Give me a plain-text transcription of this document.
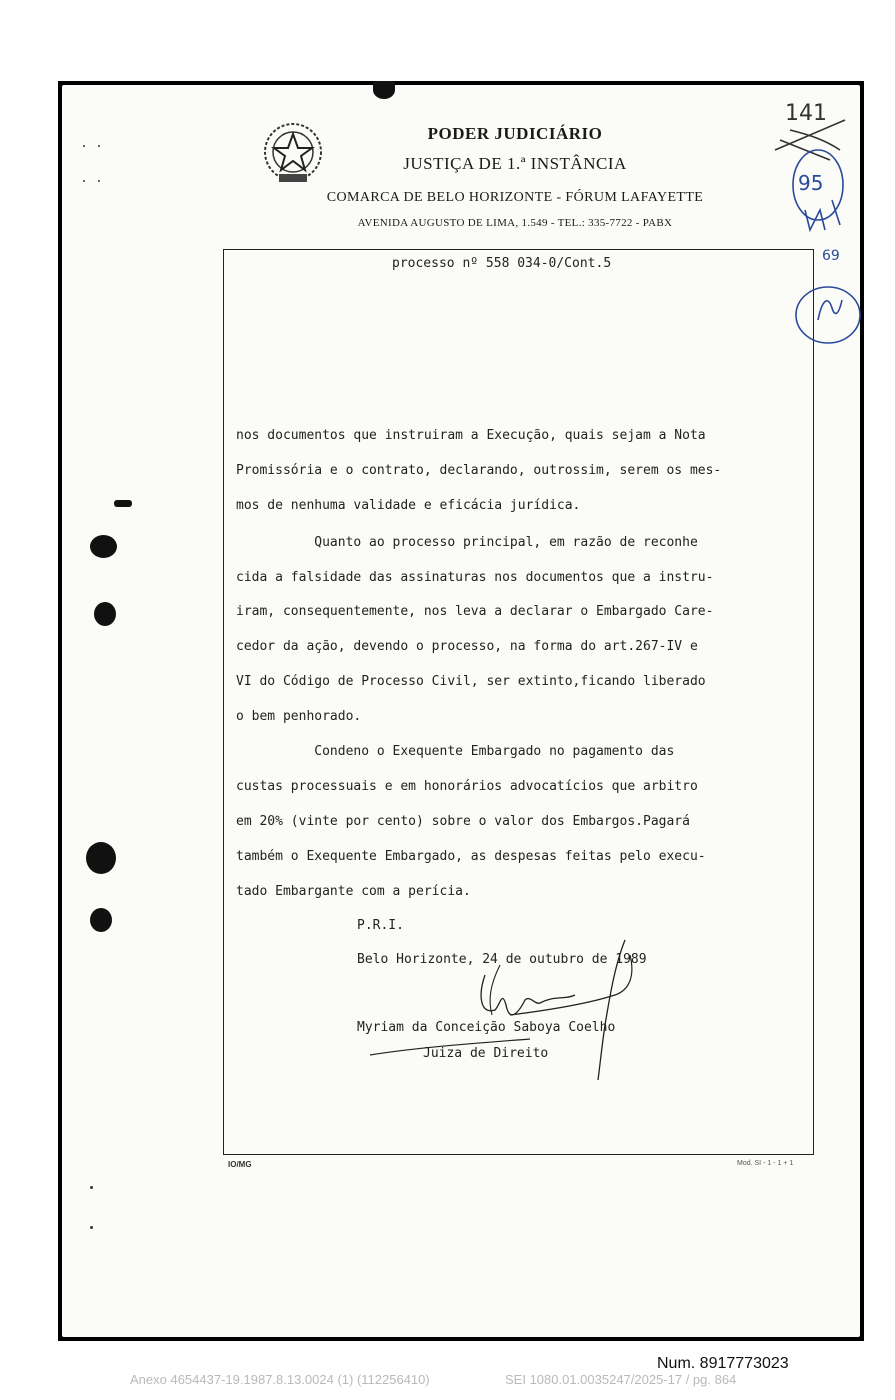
PODER JUDICIÁRIO
JUSTIÇA DE 1.ª INSTÂNCIA
COMARCA DE BELO HORIZONTE - FÓRUM LAFAYETTE
AVENIDA AUGUSTO DE LIMA, 1.549 - TEL.: 335-7722 - PABX
processo nº 558 034-0/Cont.5
nos documentos que instruiram a Execução, quais sejam a Nota
Promissória e o contrato, declarando, outrossim, serem os mes-
mos de nenhuma validade e eficácia jurídica.
Quanto ao processo principal, em razão de reconhe
cida a falsidade das assinaturas nos documentos que a instru-
iram, consequentemente, nos leva a declarar o Embargado Care-
cedor da ação, devendo o processo, na forma do art.267-IV e
VI do Código de Processo Civil, ser extinto,ficando liberado
o bem penhorado.
Condeno o Exequente Embargado no pagamento das
custas processuais e em honorários advocatícios que arbitro
em 20% (vinte por cento) sobre o valor dos Embargos.Pagará
também o Exequente Embargado, as despesas feitas pelo execu-
tado Embargante com a perícia.
P.R.I.
Belo Horizonte, 24 de outubro de 1989
Myriam da Conceição Saboya Coelho
Juiza de Direito
IO/MG	Mod. SI - 1 - 1 + 1
141
95
69
Num. 8917773023
Anexo 4654437-19.1987.8.13.0024 (1) (112256410)	SEI 1080.01.0035247/2025-17 / pg. 864
